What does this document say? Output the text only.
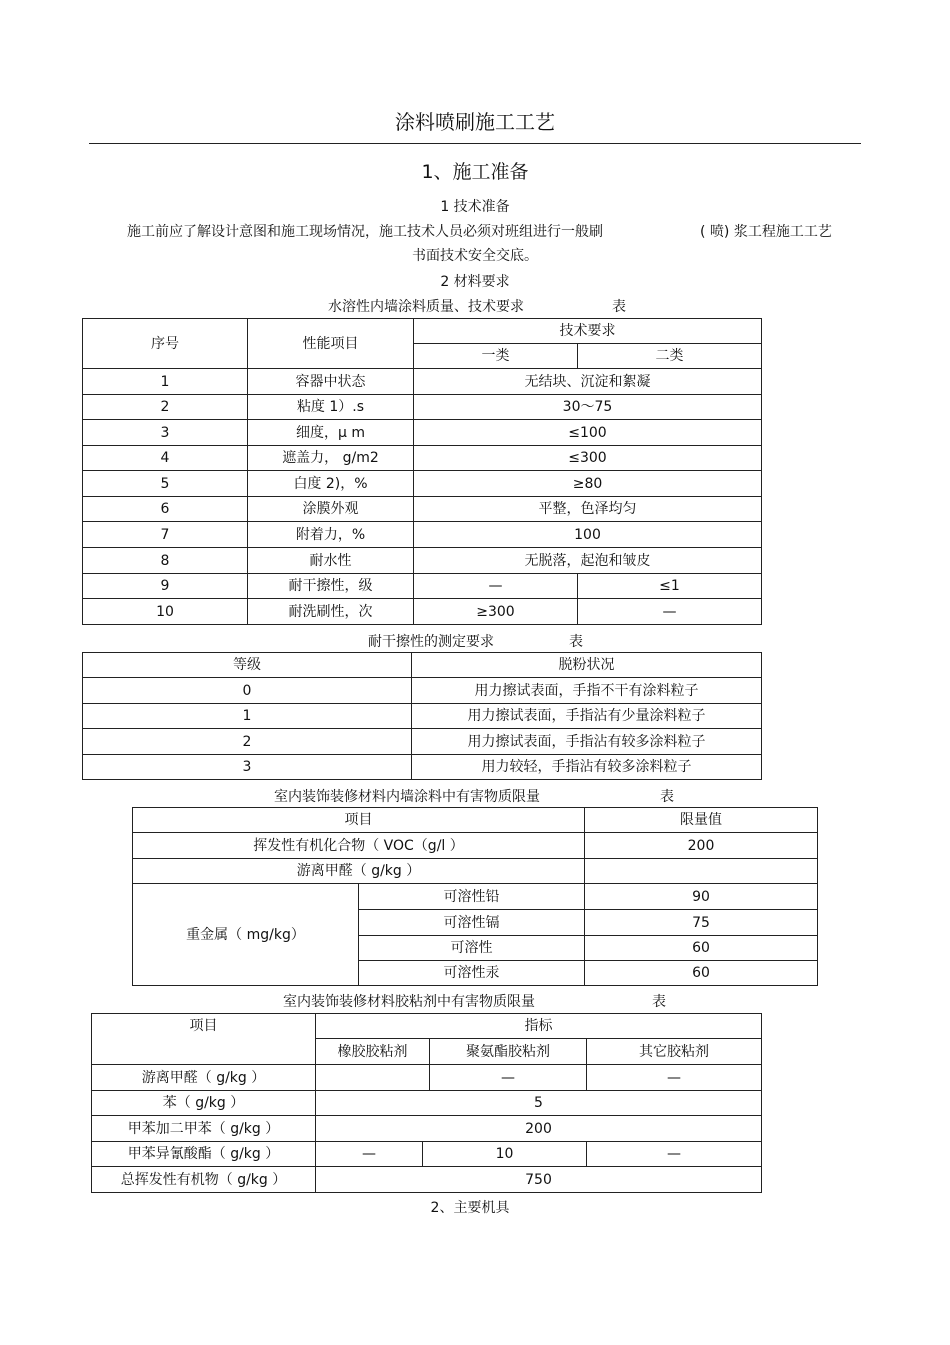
涂料喷刷施工工艺
1、施工准备
1 技术准备
施工前应了解设计意图和施工现场情况，施工技术人员必须对班组进行一般刷	( 喷) 浆工程施工工艺
书面技术安全交底。
2 材料要求
水溶性内墙涂料质量、技术要求	表
序号	性能项目	技术要求	
		一类	二类
1	容器中状态	无结块、沉淀和絮凝	
2	粘度 1）.s	30～75	
3	细度，μ m	≤100	
4	遮盖力， g/m2	≤300	
5	白度 2)，%	≥80	
6	涂膜外观	平整，色泽均匀	
7	附着力，%	100	
8	耐水性	无脱落，起泡和皱皮	
9	耐干擦性，级	—	≤1
10	耐洗刷性，次	≥300	—
耐干擦性的测定要求	表
等级	脱粉状况
0	用力擦试表面，手指不干有涂料粒子
1	用力擦试表面，手指沾有少量涂料粒子
2	用力擦试表面，手指沾有较多涂料粒子
3	用力较轻，手指沾有较多涂料粒子
室内装饰装修材料内墙涂料中有害物质限量	表
项目		限量值
挥发性有机化合物（ VOC（g/l ）		200
游离甲醛（ g/kg ）		
重金属（ mg/kg）	可溶性铅	90
	可溶性镉	75
	可溶性	60
	可溶性汞	60
室内装饰装修材料胶粘剂中有害物质限量	表
项目	指标			
	橡胶胶粘剂		聚氨酯胶粘剂	其它胶粘剂
游离甲醛（ g/kg ）			—	—
苯（ g/kg ）	5			
甲苯加二甲苯（ g/kg ）	200			
甲苯异氰酸酯（ g/kg ）	—	10		—
总挥发性有机物（ g/kg ）	750			
2、主要机具
